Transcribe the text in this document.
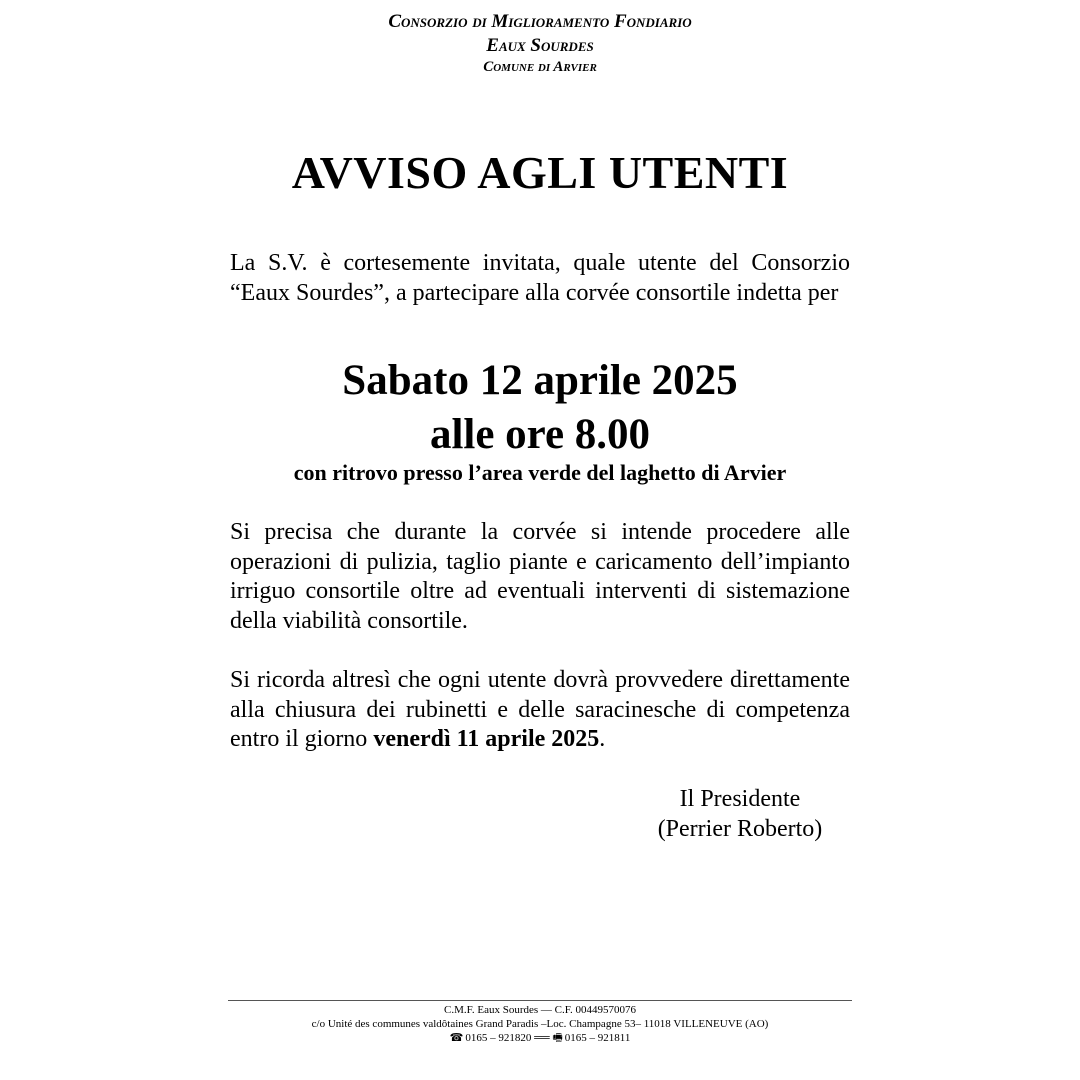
Consorzio di Miglioramento Fondiario
Eaux Sourdes
Comune di Arvier
AVVISO AGLI UTENTI

La S.V. è cortesemente invitata, quale utente del Consorzio “Eaux Sourdes”, a partecipare alla corvée consortile indetta per

Sabato 12 aprile 2025

alle ore 8.00

con ritrovo presso l’area verde del laghetto di Arvier

Si precisa che durante la corvée si intende procedere alle operazioni di pulizia, taglio piante e caricamento dell’impianto irriguo consortile oltre ad eventuali interventi di sistemazione della viabilità consortile.

Si ricorda altresì che ogni utente dovrà provvedere direttamente alla chiusura dei rubinetti e delle saracinesche di competenza entro il giorno venerdì 11 aprile 2025.

Il Presidente
(Perrier Roberto)
C.M.F. Eaux Sourdes — C.F. 00449570076
c/o Unité des communes valdôtaines Grand Paradis –Loc. Champagne 53– 11018 VILLENEUVE (AO)
☎ 0165 – 921820 ══ 🖷 0165 – 921811
